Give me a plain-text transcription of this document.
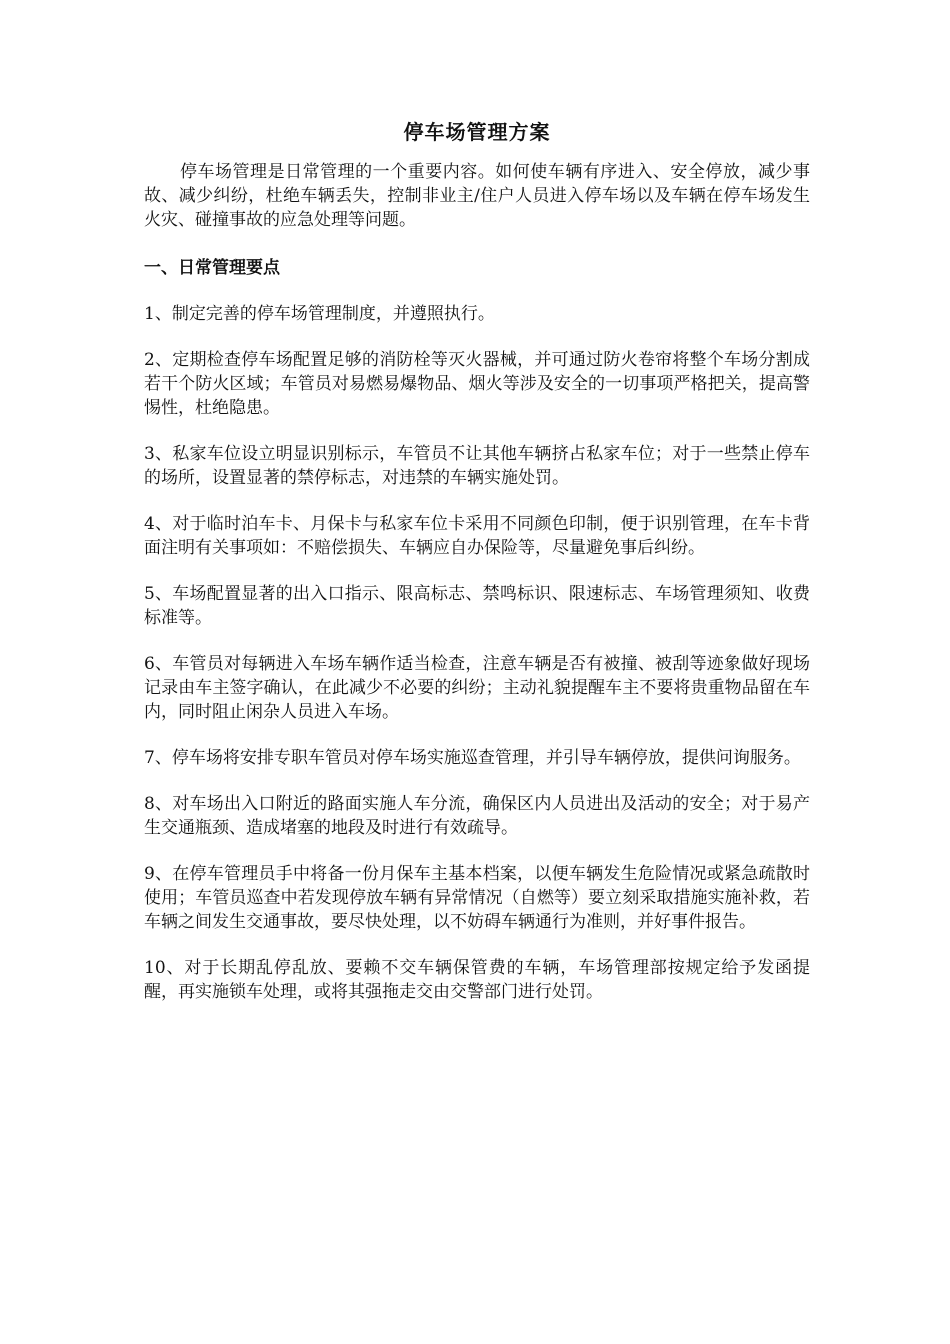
停车场管理方案

停车场管理是日常管理的一个重要内容。如何使车辆有序进入、安全停放，减少事故、减少纠纷，杜绝车辆丢失，控制非业主/住户人员进入停车场以及车辆在停车场发生火灾、碰撞事故的应急处理等问题。

一、日常管理要点

1、制定完善的停车场管理制度，并遵照执行。

2、定期检查停车场配置足够的消防栓等灭火器械，并可通过防火卷帘将整个车场分割成若干个防火区域；车管员对易燃易爆物品、烟火等涉及安全的一切事项严格把关，提高警惕性，杜绝隐患。

3、私家车位设立明显识别标示，车管员不让其他车辆挤占私家车位；对于一些禁止停车的场所，设置显著的禁停标志，对违禁的车辆实施处罚。

4、对于临时泊车卡、月保卡与私家车位卡采用不同颜色印制，便于识别管理，在车卡背面注明有关事项如：不赔偿损失、车辆应自办保险等，尽量避免事后纠纷。

5、车场配置显著的出入口指示、限高标志、禁鸣标识、限速标志、车场管理须知、收费标准等。

6、车管员对每辆进入车场车辆作适当检查，注意车辆是否有被撞、被刮等迹象做好现场记录由车主签字确认，在此减少不必要的纠纷；主动礼貌提醒车主不要将贵重物品留在车内，同时阻止闲杂人员进入车场。

7、停车场将安排专职车管员对停车场实施巡查管理，并引导车辆停放，提供问询服务。

8、对车场出入口附近的路面实施人车分流，确保区内人员进出及活动的安全；对于易产生交通瓶颈、造成堵塞的地段及时进行有效疏导。

9、在停车管理员手中将备一份月保车主基本档案，以便车辆发生危险情况或紧急疏散时使用；车管员巡查中若发现停放车辆有异常情况（自燃等）要立刻采取措施实施补救，若车辆之间发生交通事故，要尽快处理，以不妨碍车辆通行为准则，并好事件报告。

10、对于长期乱停乱放、要赖不交车辆保管费的车辆，车场管理部按规定给予发函提醒，再实施锁车处理，或将其强拖走交由交警部门进行处罚。
